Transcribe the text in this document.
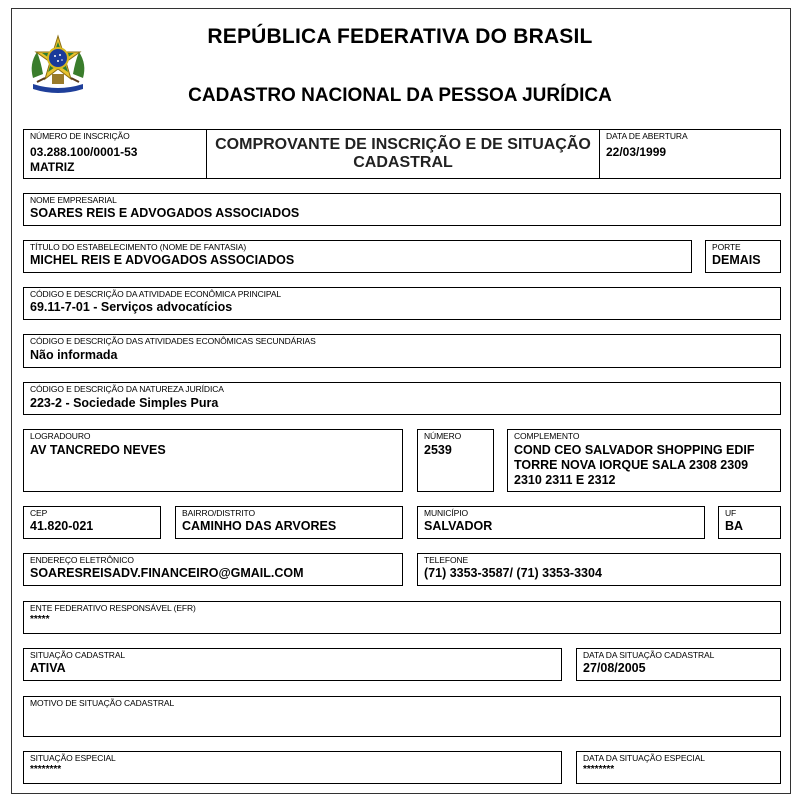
REPÚBLICA FEDERATIVA DO BRASIL
CADASTRO NACIONAL DA PESSOA JURÍDICA
NÚMERO DE INSCRIÇÃO
03.288.100/0001-53
MATRIZ
COMPROVANTE DE INSCRIÇÃO E DE SITUAÇÃO
CADASTRAL
DATA DE ABERTURA
22/03/1999
NOME EMPRESARIAL
SOARES REIS E ADVOGADOS ASSOCIADOS
TÍTULO DO ESTABELECIMENTO (NOME DE FANTASIA)
MICHEL REIS E ADVOGADOS ASSOCIADOS
PORTE
DEMAIS
CÓDIGO E DESCRIÇÃO DA ATIVIDADE ECONÔMICA PRINCIPAL
69.11-7-01 - Serviços advocatícios
CÓDIGO E DESCRIÇÃO DAS ATIVIDADES ECONÔMICAS SECUNDÁRIAS
Não informada
CÓDIGO E DESCRIÇÃO DA NATUREZA JURÍDICA
223-2 - Sociedade Simples Pura
LOGRADOURO
AV TANCREDO NEVES
NÚMERO
2539
COMPLEMENTO
COND CEO SALVADOR SHOPPING EDIF
TORRE NOVA IORQUE SALA 2308 2309
2310 2311 E 2312
CEP
41.820-021
BAIRRO/DISTRITO
CAMINHO DAS ARVORES
MUNICÍPIO
SALVADOR
UF
BA
ENDEREÇO ELETRÔNICO
SOARESREISADV.FINANCEIRO@GMAIL.COM
TELEFONE
(71) 3353-3587/ (71) 3353-3304
ENTE FEDERATIVO RESPONSÁVEL (EFR)
*****
SITUAÇÃO CADASTRAL
ATIVA
DATA DA SITUAÇÃO CADASTRAL
27/08/2005
MOTIVO DE SITUAÇÃO CADASTRAL
SITUAÇÃO ESPECIAL
********
DATA DA SITUAÇÃO ESPECIAL
********
